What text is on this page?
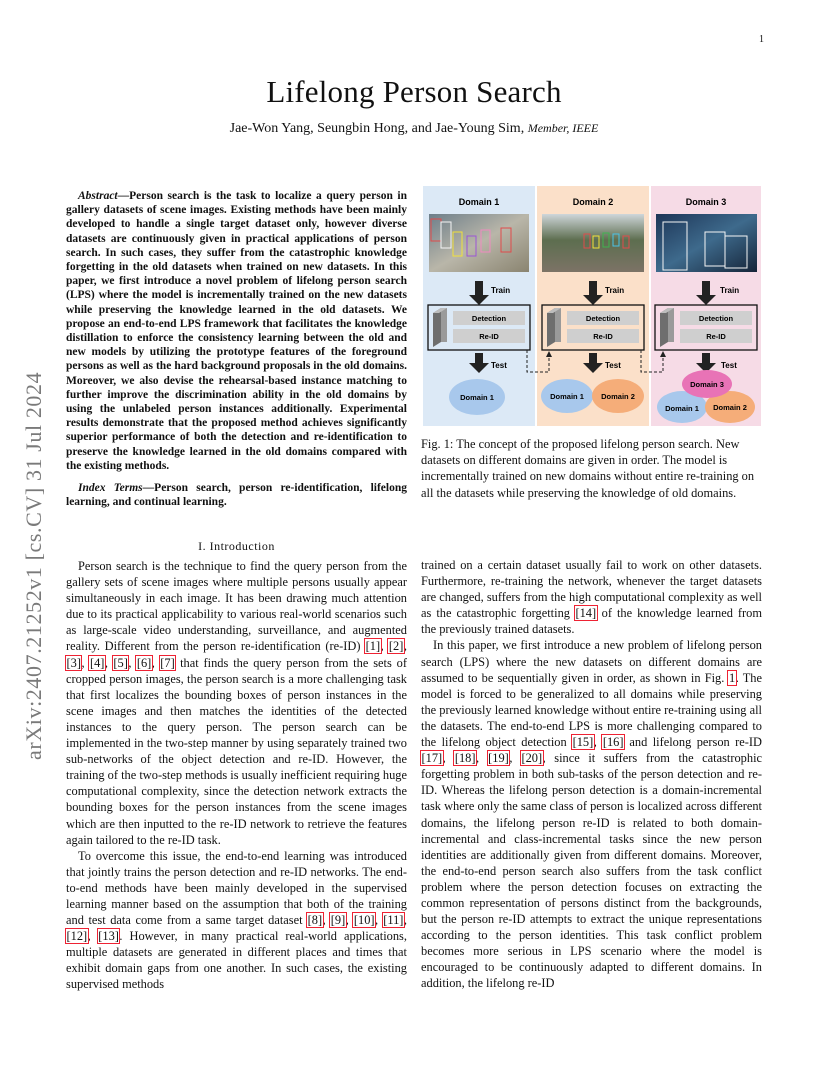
1
Lifelong Person Search
Jae-Won Yang, Seungbin Hong, and Jae-Young Sim, Member, IEEE
arXiv:2407.21252v1 [cs.CV] 31 Jul 2024

Abstract—Person search is the task to localize a query person in gallery datasets of scene images. Existing methods have been mainly developed to handle a single target dataset only, however diverse datasets are continuously given in practical applications of person search. In such cases, they suffer from the catastrophic knowledge forgetting in the old datasets when trained on new datasets. In this paper, we first introduce a novel problem of lifelong person search (LPS) where the model is incrementally trained on the new datasets while preserving the knowledge learned in the old datasets. We propose an end-to-end LPS framework that facilitates the knowledge distillation to enforce the consistency learning between the old and new models by utilizing the prototype features of the foreground persons as well as the hard background proposals in the old domains. Moreover, we also devise the rehearsal-based instance matching to further improve the discrimination ability in the old domains by using the unlabeled person instances additionally. Experimental results demonstrate that the proposed method achieves significantly superior performance of both the detection and re-identification to preserve the knowledge learned in the old domains compared with the existing methods.

Index Terms—Person search, person re-identification, lifelong learning, and continual learning.

I. Introduction

Person search is the technique to find the query person from the gallery sets of scene images where multiple persons usually appear simultaneously in each image. It has been drawing much attention due to its practical applicability to various real-world scenarios such as large-scale video understanding, surveillance, and augmented reality. Different from the person re-identification (re-ID) [1], [2], [3], [4], [5], [6], [7] that finds the query person from the sets of cropped person images, the person search is a more challenging task that first localizes the bounding boxes of person instances in the scene images and then matches the identities of the detected instances to the query person. The person search can be implemented in the two-step manner by using separately trained two sub-networks of the object detection and re-ID. However, the training of the two-step methods is usually inefficient requiring huge computational complexity, since the detection network extracts the bounding boxes for the person instances from the scene images which are then inputted to the re-ID network to retrieve the features again tailored to the re-ID task.

To overcome this issue, the end-to-end learning was introduced that jointly trains the person detection and re-ID networks. The end-to-end methods have been mainly developed in the supervised learning manner based on the assumption that both of the training and test data come from a same target dataset [8], [9], [10], [11], [12], [13]. However, in many practical real-world applications, multiple datasets are generated in different places and times that exhibit domain gaps from one another. In such cases, the existing supervised methods

trained on a certain dataset usually fail to work on other datasets. Furthermore, re-training the network, whenever the target datasets are changed, suffers from the high computational complexity as well as the catastrophic forgetting [14] of the knowledge learned from the previously trained datasets.

In this paper, we first introduce a new problem of lifelong person search (LPS) where the new datasets on different domains are assumed to be sequentially given in order, as shown in Fig. 1. The model is forced to be generalized to all domains while preserving the previously learned knowledge without entire re-training using all the datasets. The end-to-end LPS is more challenging compared to the lifelong object detection [15], [16] and lifelong person re-ID [17], [18], [19], [20], since it suffers from the catastrophic forgetting problem in both sub-tasks of the person detection and re-ID. Whereas the lifelong person detection is a domain-incremental task where only the same class of person is localized across different domains, the lifelong person re-ID is related to both domain-incremental and class-incremental tasks since the new person identities are additionally given from different domains. Moreover, the end-to-end person search also suffers from the task conflict problem where the person detection focuses on extracting the common representation of persons distinct from the backgrounds, but the person re-ID attempts to extract the unique representations according to the person identities. This task conflict problem becomes more serious in LPS scenario where the model is encouraged to be continuously adapted to different domains. In addition, the lifelong re-ID

Domain 1	Domain 2	Domain 3
Train	Train	Train
Detection
Re-ID
Detection
Re-ID
Detection
Re-ID
Test	Test	Test
Domain 1	Domain 1 Domain 2
Domain 3
Domain 1 Domain 2
Fig. 1: The concept of the proposed lifelong person search. New datasets on different domains are given in order. The model is incrementally trained on new domains without entire re-training on all the datasets while preserving the knowledge of old domains.
